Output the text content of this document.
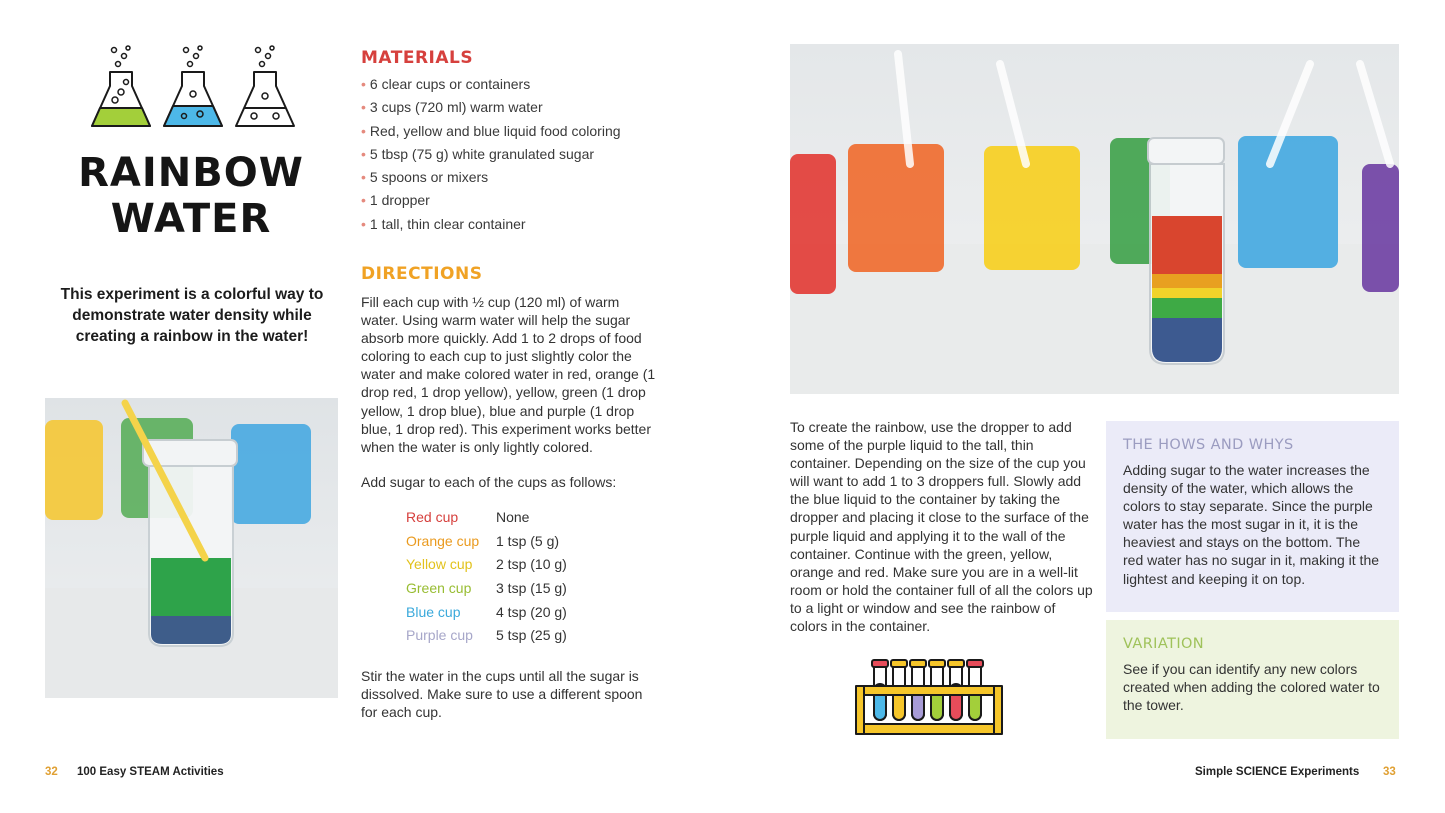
RAINBOW
WATER

This experiment is a colorful way to demonstrate water density while creating a rainbow in the water!

MATERIALS
• 6 clear cups or containers
• 3 cups (720 ml) warm water
• Red, yellow and blue liquid food coloring
• 5 tbsp (75 g) white granulated sugar
• 5 spoons or mixers
• 1 dropper
• 1 tall, thin clear container
DIRECTIONS

Fill each cup with ½ cup (120 ml) of warm water. Using warm water will help the sugar absorb more quickly. Add 1 to 2 drops of food coloring to each cup to just slightly color the water and make colored water in red, orange (1 drop red, 1 drop yellow), yellow, green (1 drop yellow, 1 drop blue), blue and purple (1 drop blue, 1 drop red). This experiment works better when the water is only lightly colored.

Add sugar to each of the cups as follows:

Red cup	None
Orange cup	1 tsp (5 g)
Yellow cup	2 tsp (10 g)
Green cup	3 tsp (15 g)
Blue cup	4 tsp (20 g)
Purple cup	5 tsp (25 g)

Stir the water in the cups until all the sugar is dissolved. Make sure to use a different spoon for each cup.

32 100 Easy STEAM Activities

To create the rainbow, use the dropper to add some of the purple liquid to the tall, thin container. Depending on the size of the cup you will want to add 1 to 3 droppers full. Slowly add the blue liquid to the container by taking the dropper and placing it close to the surface of the purple liquid and applying it to the wall of the container. Continue with the green, yellow, orange and red. Make sure you are in a well-lit room or hold the container full of all the colors up to a light or window and see the rainbow of colors in the container.

THE HOWS AND WHYS

Adding sugar to the water increases the density of the water, which allows the colors to stay separate. Since the purple water has the most sugar in it, it is the heaviest and stays on the bottom. The red water has no sugar in it, making it the lightest and keeping it on top.

VARIATION

See if you can identify any new colors created when adding the colored water to the tower.

Simple SCIENCE Experiments 33
